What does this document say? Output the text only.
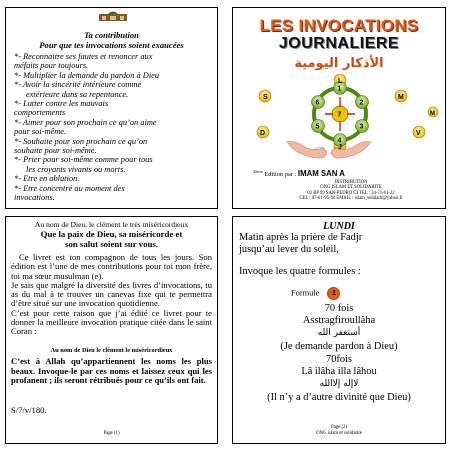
Ta contribution
Pour que tes invocations soient exaucées
*- Reconnaitre ses fautes et renoncer aux
méfaits pour toujours.
*- Multiplier la demande du pardon à Dieu
*- Avoir la sincérité intérieure comme
extérieure dans sa repentance.
*- Lutter contre les mauvais
comportements
*- Aimer pour son prochain ce qu’on aime
pour soi-même.
*- Souhaite pour son prochain ce qu’on
souhaite pour soi-même.
*- Prier pour soi-même comme pour tous
les croyants vivants ou morts.
*- Etre en ablution.
*- Etre concentré au moment des
invocations.
LES INVOCATIONS
JOURNALIERE
الأذكار اليومية
L
S	M
J
D	V
M
1
2
3
4
5
6
7
$^{2ème}$ Edition par : IMAM SAN A
DISTRIBUTION
ONG ISLAM ET SOLIDARITE
02 BP 99 SAN-PEDRO CI TEL : 34-71-61-22
CEL : 07-61-95-60 EMAIL : islam_solidarit@yahoo.fr
Au nom de Dieu, le clément le très miséricordieux
Que la paix de Dieu, sa miséricorde et
son salut soient sur vous.
Ce livret est ton compagnon de tous les jours. Son édition est l’une de mes contributions pour toi mon frère, toi ma sœur musulman (e).
Je sais que malgré la diversité des livres d’invocations, tu as du mal à te trouver un canevas fixe qui te permettra d’être situé sur une invocation quotidienne.
C’est pour cette raison que j’ai édité ce livret pour te donner la meilleure invocation pratique citée dans le saint Coran :
Au nom de Dieu le clément le miséricordieux
C’est à Allah qu’appartiennent les noms les plus beaux. Invoque-le par ces noms et laissez ceux qui les profanent ; ils seront rétribués pour ce qu’ils ont fait.
S/7/v/180.
Page (1)
LUNDI
Matin après la prière de Fadjr
jusqu’au lever du soleil,
Invoque les quatre formules :
Formule 1
70 fois
Asstragfiroullâha
أستغفر الله
(Je demande pardon à Dieu)
70fois
Lâ ilâha illa lâhou
لاإله إلاالله
(Il n’y a d’autre divinité que Dieu)
Page (2)
ONG islam et solidarité
